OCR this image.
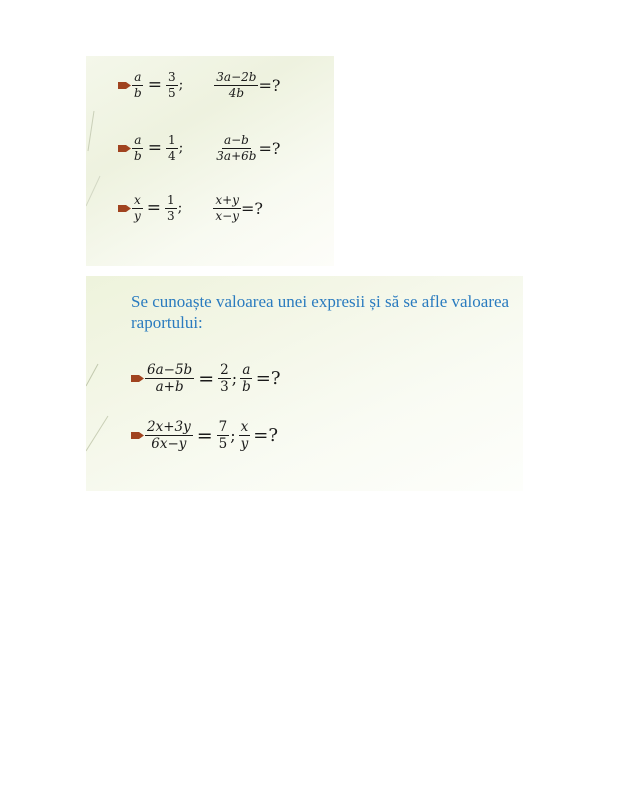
$\frac{a}{b} = \frac{3}{5}$ ;	$\frac{3a-2b}{4b}$ =?
$\frac{a}{b} = \frac{1}{4}$ ;	$\frac{a-b}{3a+6b}$ =?
$\frac{x}{y} = \frac{1}{3}$ ;	$\frac{x+y}{x-y}$ =?

Se cunoaște valoarea unei expresii și să se afle valoarea raportului:

$\frac{6a-5b}{a+b} = \frac{2}{3}$ ; $\frac{a}{b}$ =?
$\frac{2x+3y}{6x-y} = \frac{7}{5}$ ; $\frac{x}{y}$ =?
